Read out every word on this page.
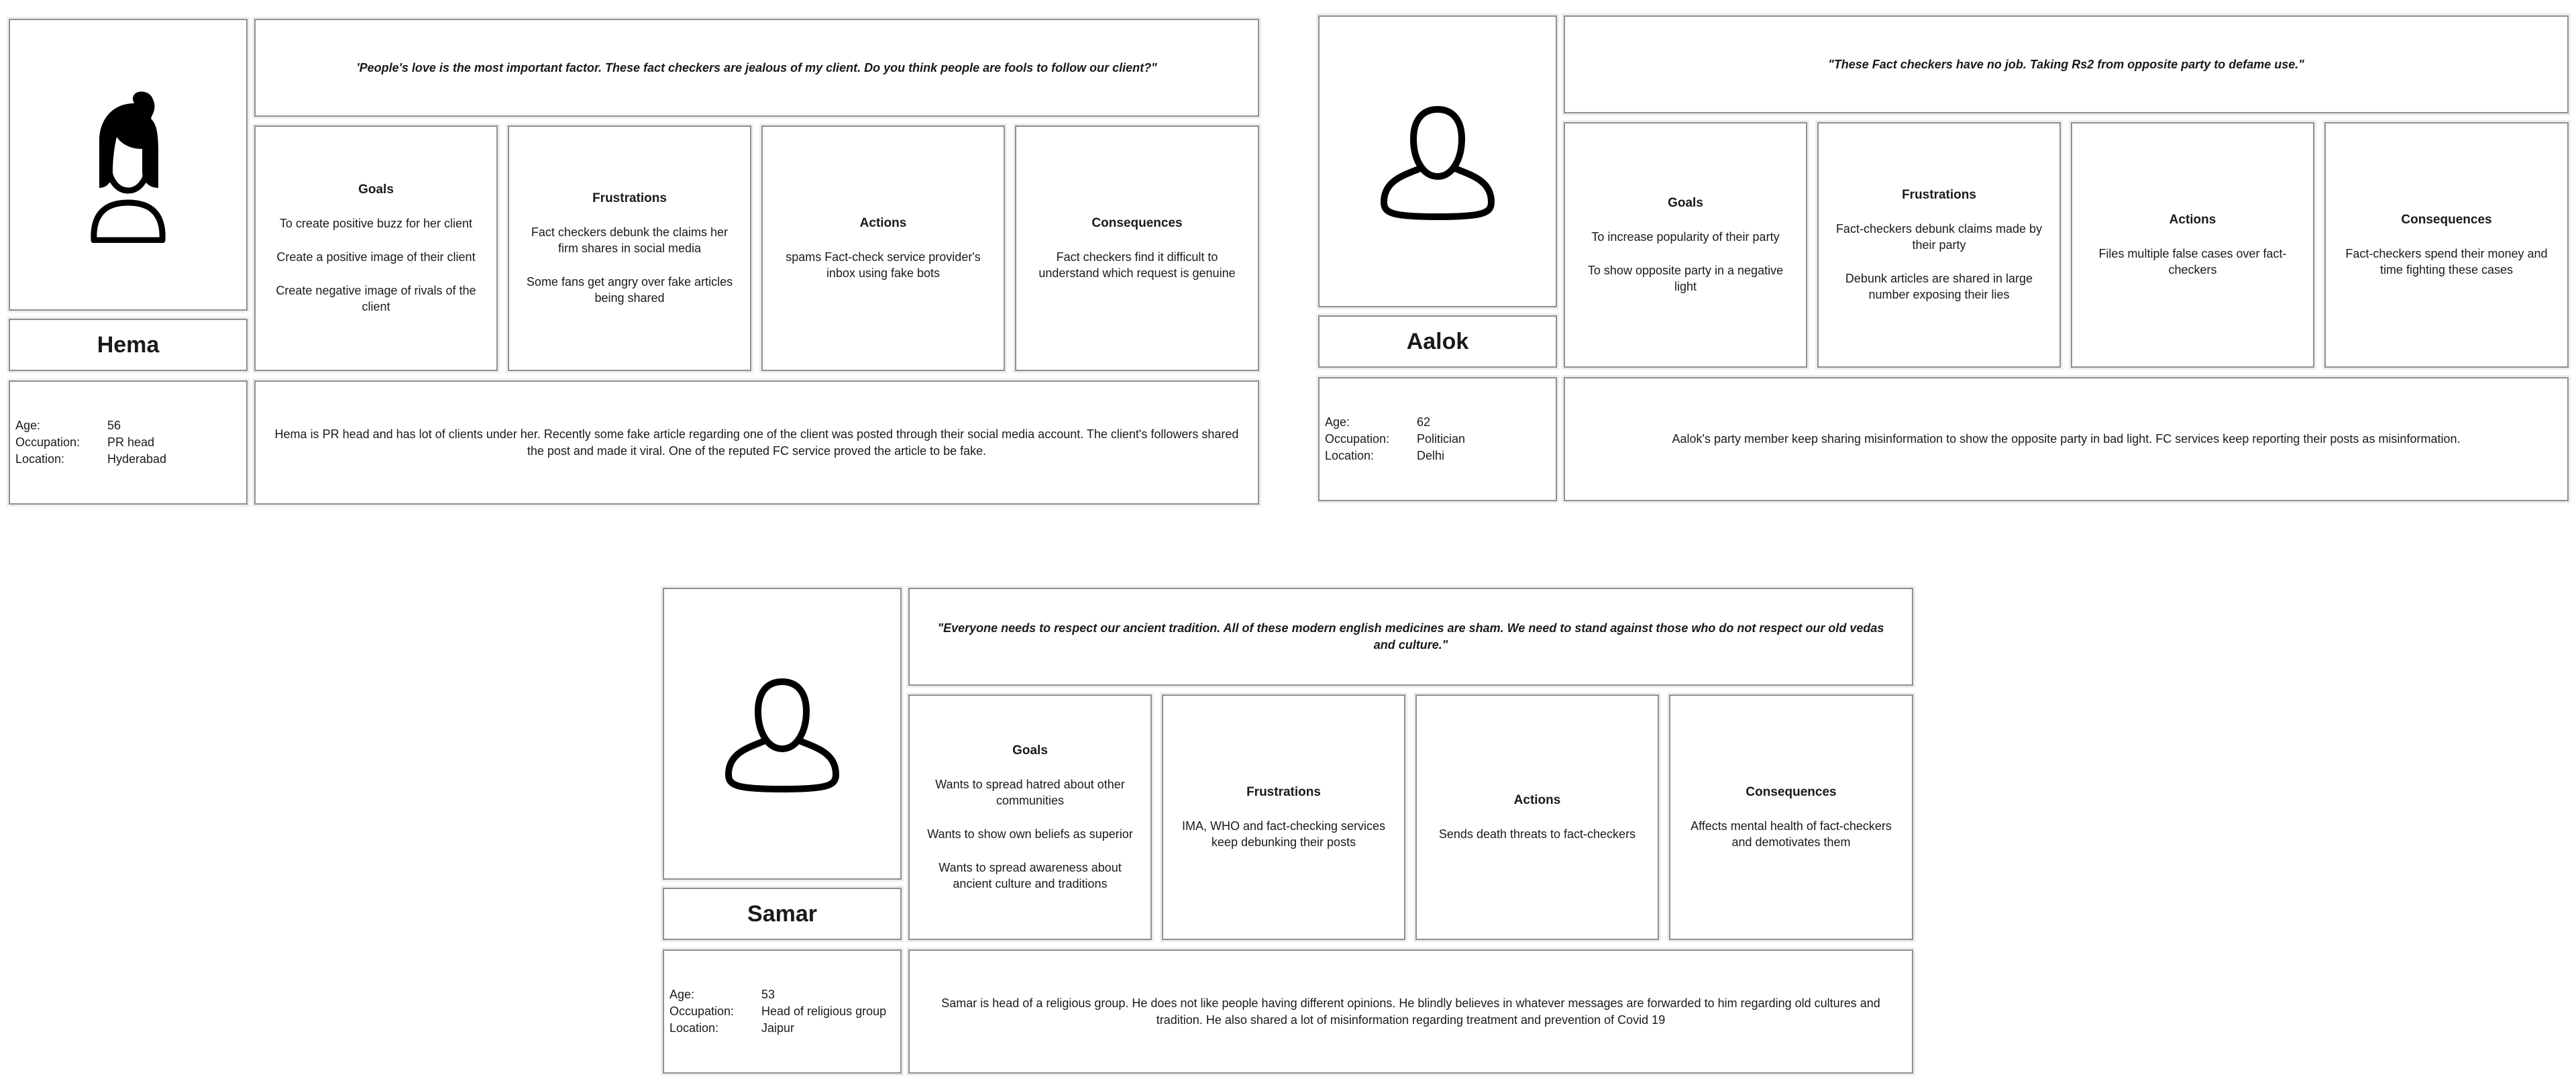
Hema
Age:	56
Occupation:	PR head
Location:	Hyderabad
'People's love is the most important factor. These fact checkers are jealous of my client. Do you think people are fools to follow our client?"
Goals
To create positive buzz for her client
Create a positive image of their client
Create negative image of rivals of the client
Frustrations
Fact checkers debunk the claims her firm shares in social media
Some fans get angry over fake articles being shared
Actions
spams Fact-check service provider's inbox using fake bots
Consequences
Fact checkers find it difficult to understand which request is genuine
Hema is PR head and has lot of clients under her. Recently some fake article regarding one of the client was posted through their social media account. The client's followers shared the post and made it viral. One of the reputed FC service proved the article to be fake.
Aalok
Age:	62
Occupation:	Politician
Location:	Delhi
"These Fact checkers have no job. Taking Rs2 from opposite party to defame use."
Goals
To increase popularity of their party
To show opposite party in a negative light
Frustrations
Fact-checkers debunk claims made by their party
Debunk articles are shared in large number exposing their lies
Actions
Files multiple false cases over fact-checkers
Consequences
Fact-checkers spend their money and time fighting these cases
Aalok's party member keep sharing misinformation to show the opposite party in bad light. FC services keep reporting their posts as misinformation.
Samar
Age:	53
Occupation:	Head of religious group
Location:	Jaipur
"Everyone needs to respect our ancient tradition. All of these modern english medicines are sham. We need to stand against those who do not respect our old vedas and culture."
Goals
Wants to spread hatred about other communities
Wants to show own beliefs as superior
Wants to spread awareness about ancient culture and traditions
Frustrations
IMA, WHO and fact-checking services keep debunking their posts
Actions
Sends death threats to fact-checkers
Consequences
Affects mental health of fact-checkers and demotivates them
Samar is head of a religious group. He does not like people having different opinions. He blindly believes in whatever messages are forwarded to him regarding old cultures and tradition. He also shared a lot of misinformation regarding treatment and prevention of Covid 19
